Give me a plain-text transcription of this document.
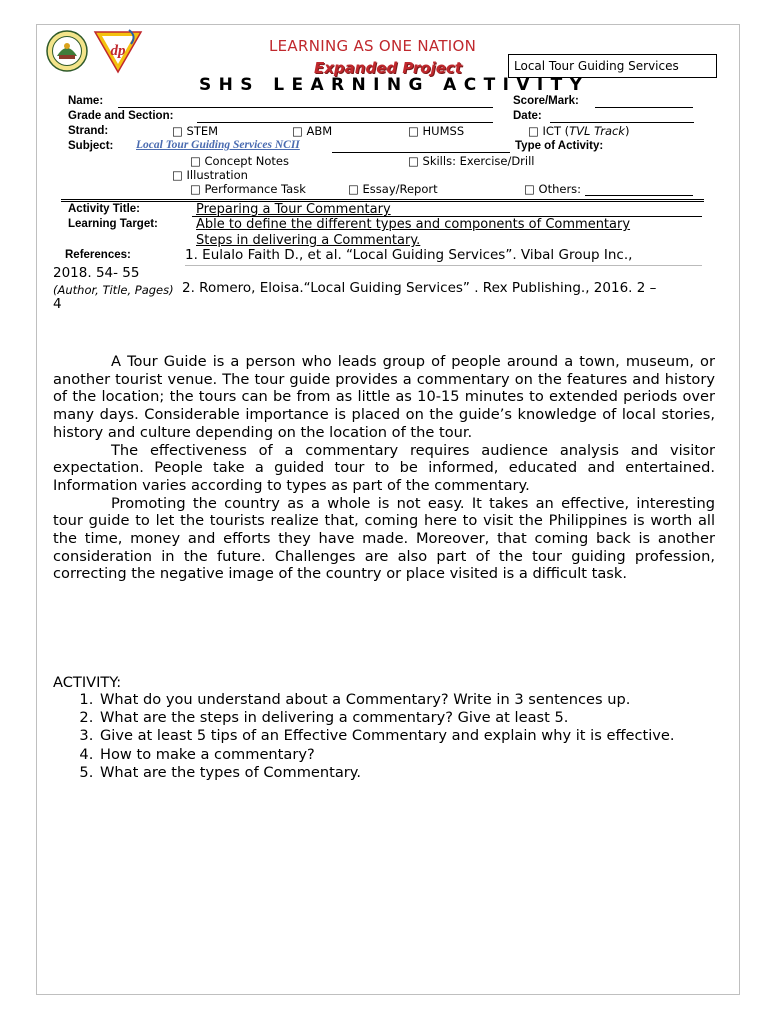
dp	LEARNING AS ONE NATION
Expanded Project
SHS LEARNING ACTIVITY
Local Tour Guiding Services
Name:	Score/Mark:
Grade and Section:	Date:
Strand:	□ STEM	□ ABM	□ HUMSS	□ ICT (TVL Track)
Subject: Local Tour Guiding Services NCII	Type of Activity:
□ Concept Notes	□ Skills: Exercise/Drill
□ Illustration
□ Performance Task	□ Essay/Report	□ Others:
Activity Title:	Preparing a Tour Commentary
Learning Target:	Able to define the different types and components of Commentary
Steps in delivering a Commentary.
References:	1. Eulalo Faith D., et al. “Local Guiding Services”. Vibal Group Inc.,
2018. 54- 55
(Author, Title, Pages) 2. Romero, Eloisa.“Local Guiding Services” . Rex Publishing., 2016. 2 –
4

A Tour Guide is a person who leads group of people around a town, museum, or another tourist venue. The tour guide provides a commentary on the features and history of the location; the tours can be from as little as 10-15 minutes to extended periods over many days. Considerable importance is placed on the guide’s knowledge of local stories, history and culture depending on the location of the tour.

The effectiveness of a commentary requires audience analysis and visitor expectation. People take a guided tour to be informed, educated and entertained. Information varies according to types as part of the commentary.

Promoting the country as a whole is not easy. It takes an effective, interesting tour guide to let the tourists realize that, coming here to visit the Philippines is worth all the time, money and efforts they have made. Moreover, that coming back is another consideration in the future. Challenges are also part of the tour guiding profession, correcting the negative image of the country or place visited is a difficult task.

ACTIVITY:
1. What do you understand about a Commentary? Write in 3 sentences up.
2. What are the steps in delivering a commentary? Give at least 5.
3. Give at least 5 tips of an Effective Commentary and explain why it is effective.
4. How to make a commentary?
5. What are the types of Commentary.
